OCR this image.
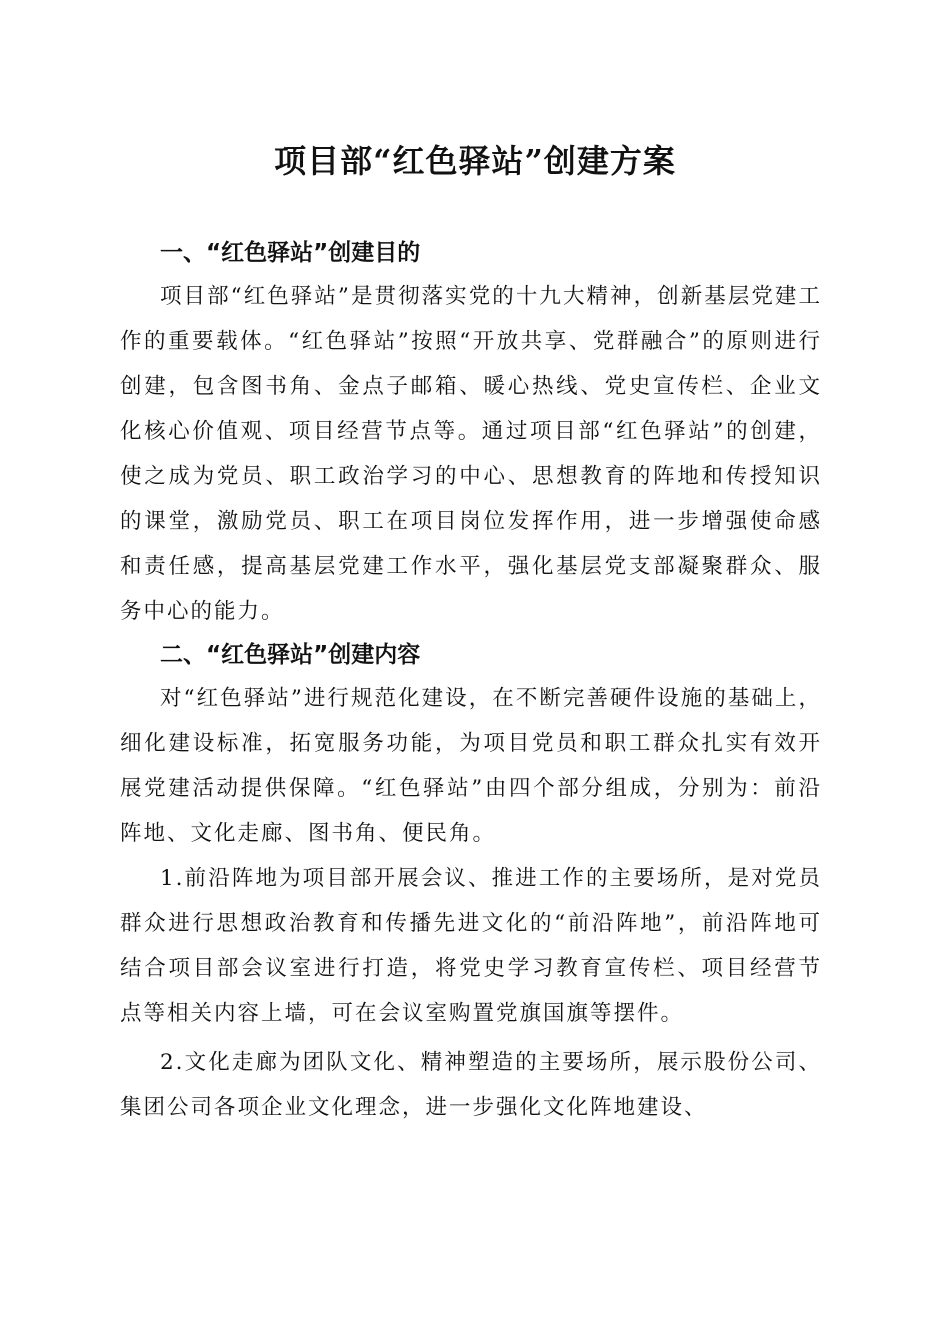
项目部“红色驿站”创建方案
一、“红色驿站”创建目的

项目部“红色驿站”是贯彻落实党的十九大精神，创新基层党建工作的重要载体。“红色驿站”按照“开放共享、党群融合”的原则进行创建，包含图书角、金点子邮箱、暖心热线、党史宣传栏、企业文化核心价值观、项目经营节点等。通过项目部“红色驿站”的创建，使之成为党员、职工政治学习的中心、思想教育的阵地和传授知识的课堂，激励党员、职工在项目岗位发挥作用，进一步增强使命感和责任感，提高基层党建工作水平，强化基层党支部凝聚群众、服务中心的能力。

二、“红色驿站”创建内容

对“红色驿站”进行规范化建设，在不断完善硬件设施的基础上，细化建设标准，拓宽服务功能，为项目党员和职工群众扎实有效开展党建活动提供保障。“红色驿站”由四个部分组成，分别为：前沿阵地、文化走廊、图书角、便民角。

1.前沿阵地为项目部开展会议、推进工作的主要场所，是对党员群众进行思想政治教育和传播先进文化的“前沿阵地”，前沿阵地可结合项目部会议室进行打造，将党史学习教育宣传栏、项目经营节点等相关内容上墙，可在会议室购置党旗国旗等摆件。

2.文化走廊为团队文化、精神塑造的主要场所，展示股份公司、集团公司各项企业文化理念，进一步强化文化阵地建设、
